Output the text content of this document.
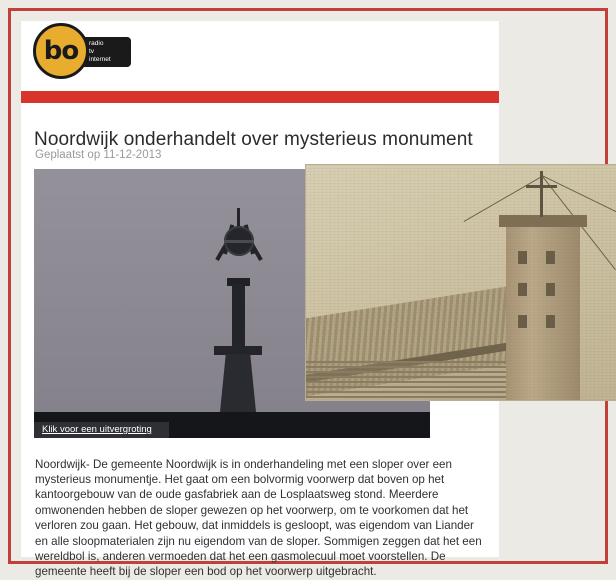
radio
tv
internet
bo
Noordwijk onderhandelt over mysterieus monument
Geplaatst op 11-12-2013
Klik voor een uitvergroting

Noordwijk- De gemeente Noordwijk is in onderhandeling met een sloper over een mysterieus monumentje. Het gaat om een bolvormig voorwerp dat boven op het kantoorgebouw van de oude gasfabriek aan de Losplaatsweg stond. Meerdere omwonenden hebben de sloper gewezen op het voorwerp, om te voorkomen dat het verloren zou gaan. Het gebouw, dat inmiddels is gesloopt, was eigendom van Liander en alle sloopmaterialen zijn nu eigendom van de sloper. Sommigen zeggen dat het een wereldbol is, anderen vermoeden dat het een gasmolecuul moet voorstellen. De gemeente heeft bij de sloper een bod op het voorwerp uitgebracht.
